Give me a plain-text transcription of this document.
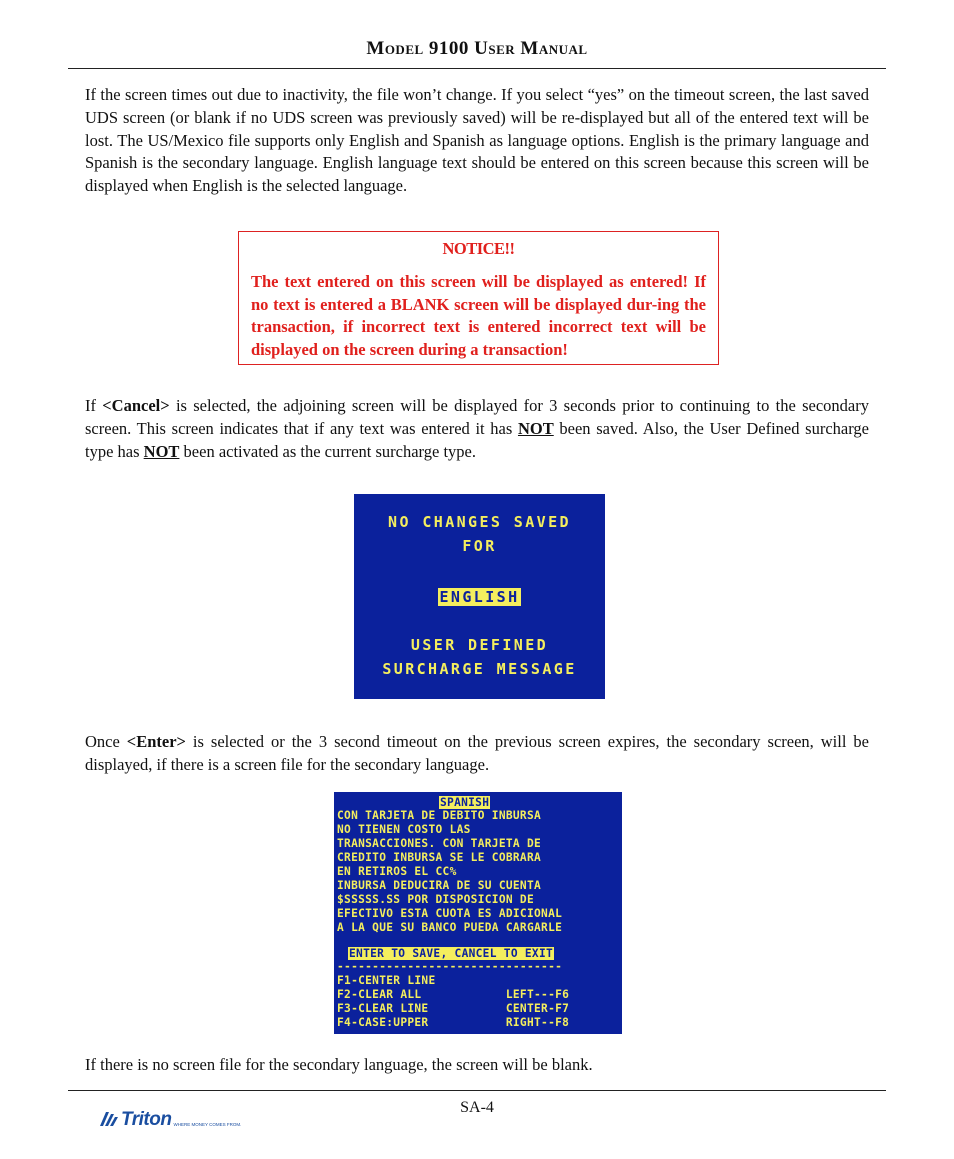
Model 9100 User Manual

If the screen times out due to inactivity, the file won’t change. If you select “yes” on the timeout screen, the last saved UDS screen (or blank if no UDS screen was previously saved) will be re-displayed but all of the entered text will be lost. The US/Mexico file supports only English and Spanish as language options. English is the primary language and Spanish is the secondary language. English language text should be entered on this screen because this screen will be displayed when English is the selected language.

NOTICE!!
The text entered on this screen will be displayed as entered! If no text is entered a BLANK screen will be displayed dur-ing the transaction, if incorrect text is entered incorrect text will be displayed on the screen during a transaction!

If <Cancel> is selected, the adjoining screen will be displayed for 3 seconds prior to continuing to the secondary screen. This screen indicates that if any text was entered it has NOT been saved. Also, the User Defined surcharge type has NOT been activated as the current surcharge type.

NO CHANGES SAVED
FOR
ENGLISH
USER DEFINED
SURCHARGE MESSAGE

Once <Enter> is selected or the 3 second timeout on the previous screen expires, the secondary screen, will be displayed, if there is a screen file for the secondary language.

SPANISH
CON TARJETA DE DEBITO INBURSA
NO TIENEN COSTO LAS
TRANSACCIONES. CON TARJETA DE
CREDITO INBURSA SE LE COBRARA
EN RETIROS EL CC%
INBURSA DEDUCIRA DE SU CUENTA
$SSSSS.SS POR DISPOSICION DE
EFECTIVO ESTA CUOTA ES ADICIONAL
A LA QUE SU BANCO PUEDA CARGARLE
ENTER TO SAVE, CANCEL TO EXIT
--------------------------------
F1-CENTER LINE
F2-CLEAR ALL            LEFT---F6
F3-CLEAR LINE           CENTER-F7
F4-CASE:UPPER           RIGHT--F8

If there is no screen file for the secondary language, the screen will be blank.

SA-4
Triton WHERE MONEY COMES FROM.
